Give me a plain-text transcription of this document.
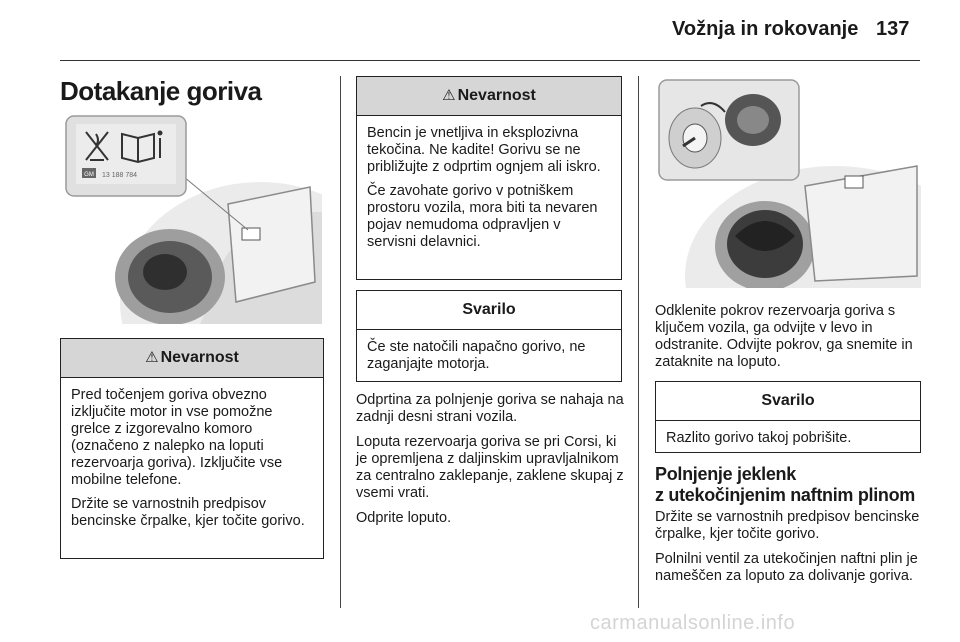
Vožnja in rokovanje 137
Dotakanje goriva
GM 13 188 784
⚠ Nevarnost

Pred točenjem goriva obvezno izključite motor in vse pomožne grelce z izgorevalno komoro (označeno z nalepko na loputi rezervoarja goriva). Izključite vse mobilne telefone.

Držite se varnostnih predpisov bencinske črpalke, kjer točite gorivo.

⚠ Nevarnost

Bencin je vnetljiva in eksplozivna tekočina. Ne kadite! Gorivu se ne približujte z odprtim ognjem ali iskro.

Če zavohate gorivo v potniškem prostoru vozila, mora biti ta nevaren pojav nemudoma odpravljen v servisni delavnici.

Svarilo

Če ste natočili napačno gorivo, ne zaganjajte motorja.

Odprtina za polnjenje goriva se nahaja na zadnji desni strani vozila.

Loputa rezervoarja goriva se pri Corsi, ki je opremljena z daljinskim upravljalnikom za centralno zaklepanje, zaklene skupaj z vsemi vrati.

Odprite loputo.

Odklenite pokrov rezervoarja goriva s ključem vozila, ga odvijte v levo in odstranite. Odvijte pokrov, ga snemite in zataknite na loputo.

Svarilo

Razlito gorivo takoj pobrišite.

Polnjenje jeklenk
z utekočinjenim naftnim plinom

Držite se varnostnih predpisov bencinske črpalke, kjer točite gorivo.

Polnilni ventil za utekočinjen naftni plin je nameščen za loputo za dolivanje goriva.

carmanualsonline.info
